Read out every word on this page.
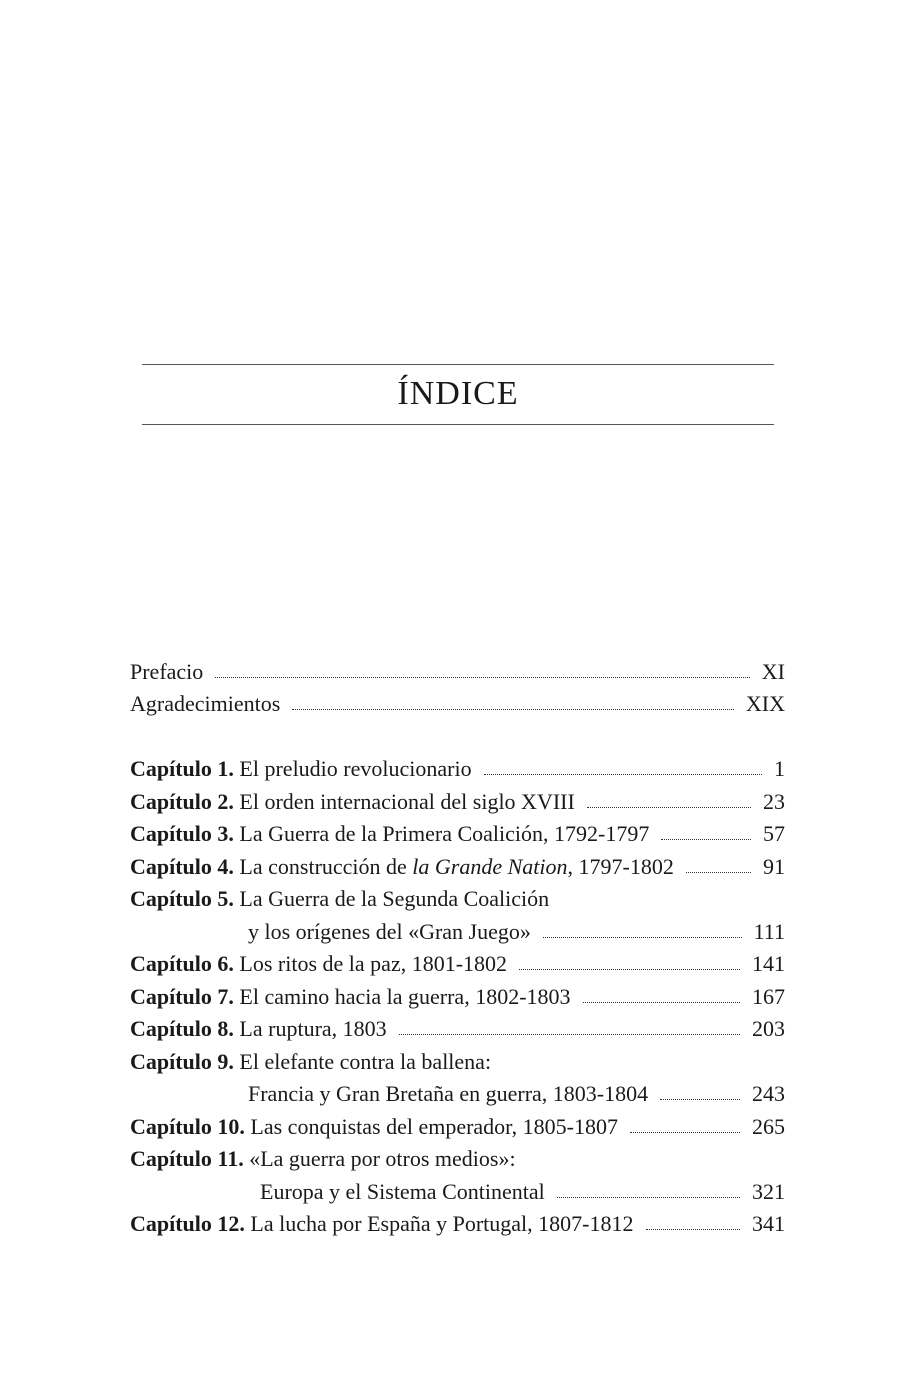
ÍNDICE
Prefacio	XI
Agradecimientos	XIX
Capítulo 1. El preludio revolucionario	1
Capítulo 2. El orden internacional del siglo XVIII	23
Capítulo 3. La Guerra de la Primera Coalición, 1792-1797	57
Capítulo 4. La construcción de la Grande Nation, 1797-1802	91
Capítulo 5. La Guerra de la Segunda Coalición
y los orígenes del «Gran Juego»	111
Capítulo 6. Los ritos de la paz, 1801-1802	141
Capítulo 7. El camino hacia la guerra, 1802-1803	167
Capítulo 8. La ruptura, 1803	203
Capítulo 9. El elefante contra la ballena:
Francia y Gran Bretaña en guerra, 1803-1804	243
Capítulo 10. Las conquistas del emperador, 1805-1807	265
Capítulo 11. «La guerra por otros medios»:
Europa y el Sistema Continental	321
Capítulo 12. La lucha por España y Portugal, 1807-1812	341
